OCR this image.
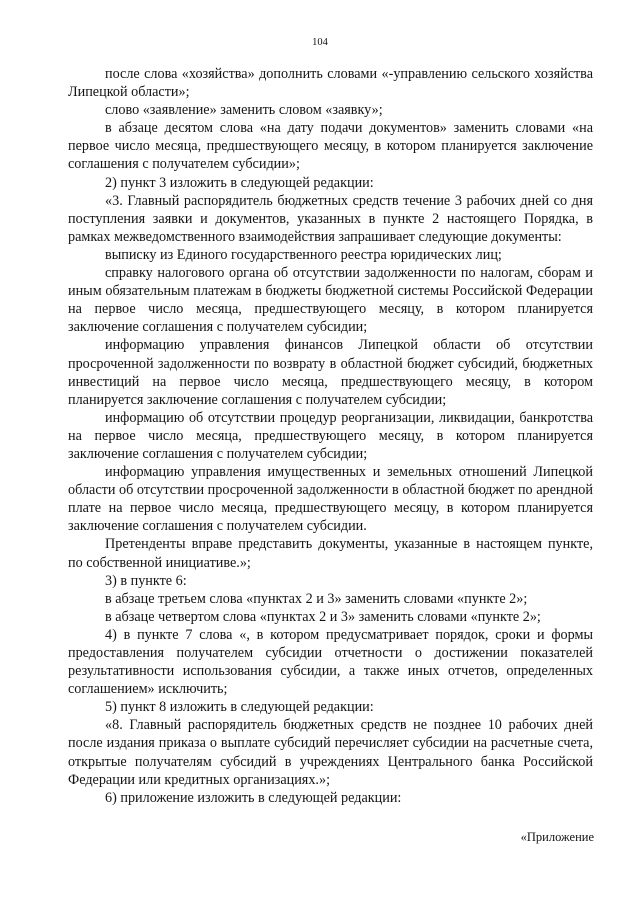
104

после слова «хозяйства» дополнить словами «-управлению сельского хозяйства Липецкой области»;

слово «заявление» заменить словом «заявку»;

в абзаце десятом слова «на дату подачи документов» заменить словами «на первое число месяца, предшествующего месяцу, в котором планируется заключение соглашения с получателем субсидии»;

2) пункт 3 изложить в следующей редакции:

«3. Главный распорядитель бюджетных средств течение 3 рабочих дней со дня поступления заявки и документов, указанных в пункте 2 настоящего Порядка, в рамках межведомственного взаимодействия запрашивает следующие документы:

выписку из Единого государственного реестра юридических лиц;

справку налогового органа об отсутствии задолженности по налогам, сборам и иным обязательным платежам в бюджеты бюджетной системы Российской Федерации на первое число месяца, предшествующего месяцу, в котором планируется заключение соглашения с получателем субсидии;

информацию управления финансов Липецкой области об отсутствии просроченной задолженности по возврату в областной бюджет субсидий, бюджетных инвестиций на первое число месяца, предшествующего месяцу, в котором планируется заключение соглашения с получателем субсидии;

информацию об отсутствии процедур реорганизации, ликвидации, банкротства на первое число месяца, предшествующего месяцу, в котором планируется заключение соглашения с получателем субсидии;

информацию управления имущественных и земельных отношений Липецкой области об отсутствии просроченной задолженности в областной бюджет по арендной плате на первое число месяца, предшествующего месяцу, в котором планируется заключение соглашения с получателем субсидии.

Претенденты вправе представить документы, указанные в настоящем пункте, по собственной инициативе.»;

3) в пункте 6:

в абзаце третьем слова «пунктах 2 и 3» заменить словами «пункте 2»;

в абзаце четвертом слова «пунктах 2 и 3» заменить словами «пункте 2»;

4) в пункте 7 слова «, в котором предусматривает порядок, сроки и формы предоставления получателем субсидии отчетности о достижении показателей результативности использования субсидии, а также иных отчетов, определенных соглашением» исключить;

5) пункт 8 изложить в следующей редакции:

«8. Главный распорядитель бюджетных средств не позднее 10 рабочих дней после издания приказа о выплате субсидий перечисляет субсидии на расчетные счета, открытые получателям субсидий в учреждениях Центрального банка Российской Федерации или кредитных организациях.»;

6) приложение изложить в следующей редакции:

«Приложение
